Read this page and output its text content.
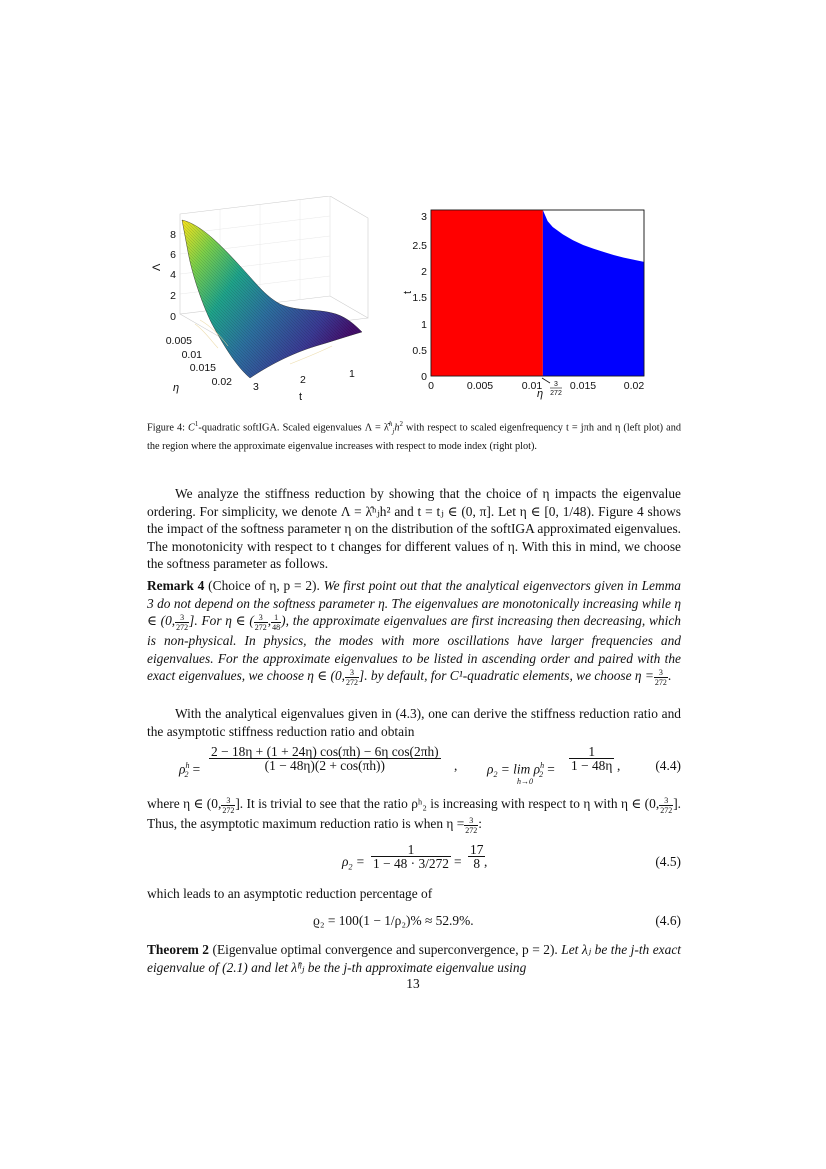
8
6
4
2
0
Λ
0.005
0.01
0.015
0.02
η	3
2	1
t
3
2.5
2
1.5
1
0.5
0
t
0	0.005	0.01	0.015	0.02
3
272
η
Figure 4: $C^1$-quadratic softIGA. Scaled eigenvalues $\Lambda = \lambdâ^h_jh^2$ with respect to scaled eigenfrequency t = jπh and η (left plot) and the region where the approximate eigenvalue increases with respect to mode index (right plot).
We analyze the stiffness reduction by showing that the choice of η impacts the eigenvalue ordering. For simplicity, we denote Λ = λ̂ʰⱼh² and t = tⱼ ∈ (0, π]. Let η ∈ [0, 1/48). Figure 4 shows the impact of the softness parameter η on the distribution of the softIGA approximated eigenvalues. The monotonicity with respect to t changes for different values of η. With this in mind, we choose the softness parameter as follows.
Remark 4 (Choice of η, p = 2). We first point out that the analytical eigenvectors given in Lemma 3 do not depend on the softness parameter η. The eigenvalues are monotonically increasing while η ∈ (0, $\frac{3}{272}$ ]. For η ∈ ( $\frac{3}{272}$ , $\frac{1}{48}$ ), the approximate eigenvalues are first increasing then decreasing, which is non-physical. In physics, the modes with more oscillations have larger frequencies and eigenvalues. For the approximate eigenvalues to be listed in ascending order and paired with the exact eigenvalues, we choose η ∈ (0, $\frac{3}{272}$ ]. by default, for C¹-quadratic elements, we choose $\eta = \frac{3}{272}$ .
With the analytical eigenvalues given in (4.3), one can derive the stiffness reduction ratio and the asymptotic stiffness reduction ratio and obtain
$\rho^h_2 = \frac{\text{2 − 18η + (1 + 24η) cos(πh) − 6η cos(2πh)}}{(1 - 48\eta)(2 + \cos(\pi h))}$ , $\rho_2 = \lim \rho^h_2$ =
h→0
$\frac{1}{1 - 48\eta}$ ,	(4.4)
where η ∈ (0, $\frac{3}{272}$ ]. It is trivial to see that the ratio ρʰ₂ is increasing with respect to η with η ∈ (0, $\frac{3}{272}$ ]. Thus, the asymptotic maximum reduction ratio is when $\eta = \frac{3}{272}$ :
$\rho_2 = \frac{1}{1 - 48 \cdot 3/272} = \frac{17}{8}$
,	(4.5)
which leads to an asymptotic reduction percentage of
ϱ₂ = 100(1 − 1/ρ₂)% ≈ 52.9%.	(4.6)
Theorem 2 (Eigenvalue optimal convergence and superconvergence, p = 2). Let λⱼ be the j-th exact eigenvalue of (2.1) and let λ̂ʰⱼ be the j-th approximate eigenvalue using
13
